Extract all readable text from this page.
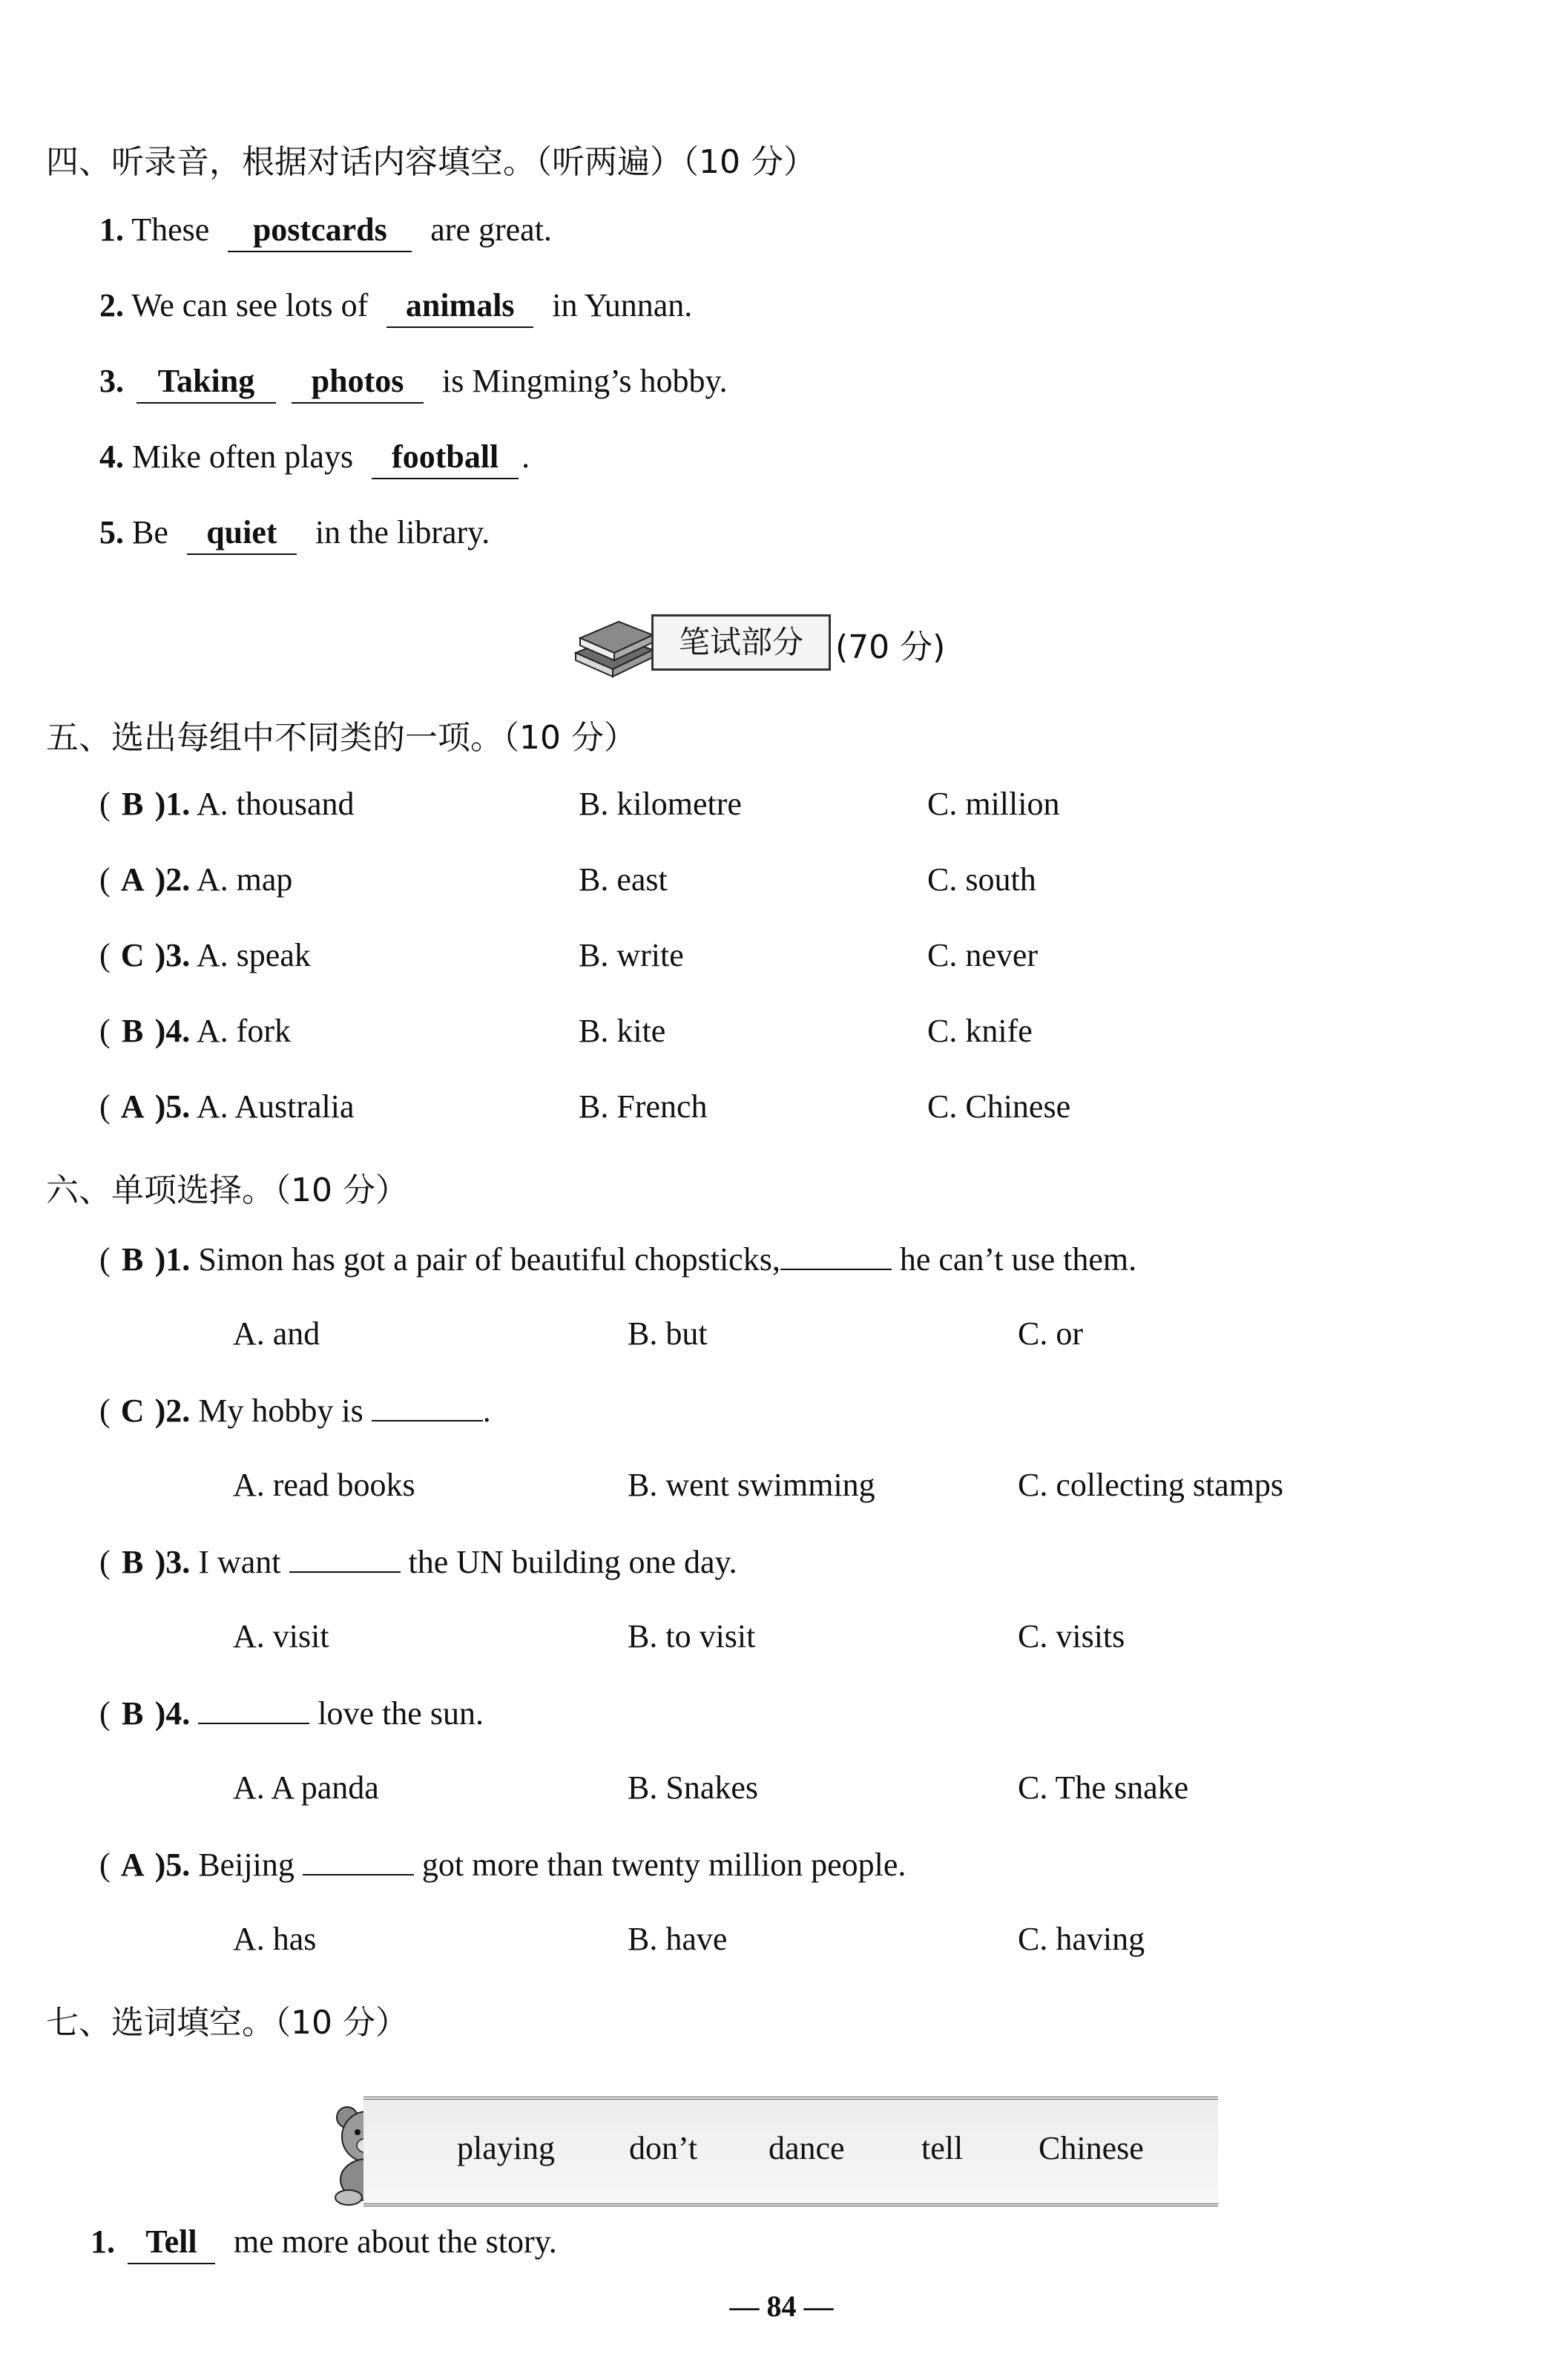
四、听录音，根据对话内容填空。（听两遍）（10 分）
1. These postcards are great.
2. We can see lots of animals in Yunnan.
3. Taking photos is Mingming’s hobby.
4. Mike often plays football .
5. Be quiet in the library.
笔试部分 (70 分)
五、选出每组中不同类的一项。（10 分）
( B )1. A. thousand	B. kilometre	C. million
( A )2. A. map	B. east	C. south
( C )3. A. speak	B. write	C. never
( B )4. A. fork	B. kite	C. knife
( A )5. A. Australia	B. French	C. Chinese
六、单项选择。（10 分）
( B )1. Simon has got a pair of beautiful chopsticks,	he can’t use them.
A. and	B. but	C. or
( C )2. My hobby is	.
A. read books	B. went swimming	C. collecting stamps
( B )3. I want	the UN building one day.
A. visit	B. to visit	C. visits
( B )4.	love the sun.
A. A panda	B. Snakes	C. The snake
( A )5. Beijing	got more than twenty million people.
A. has	B. have	C. having
七、选词填空。（10 分）
playing don’t dance tell Chinese
1. Tell me more about the story.
— 84 —
